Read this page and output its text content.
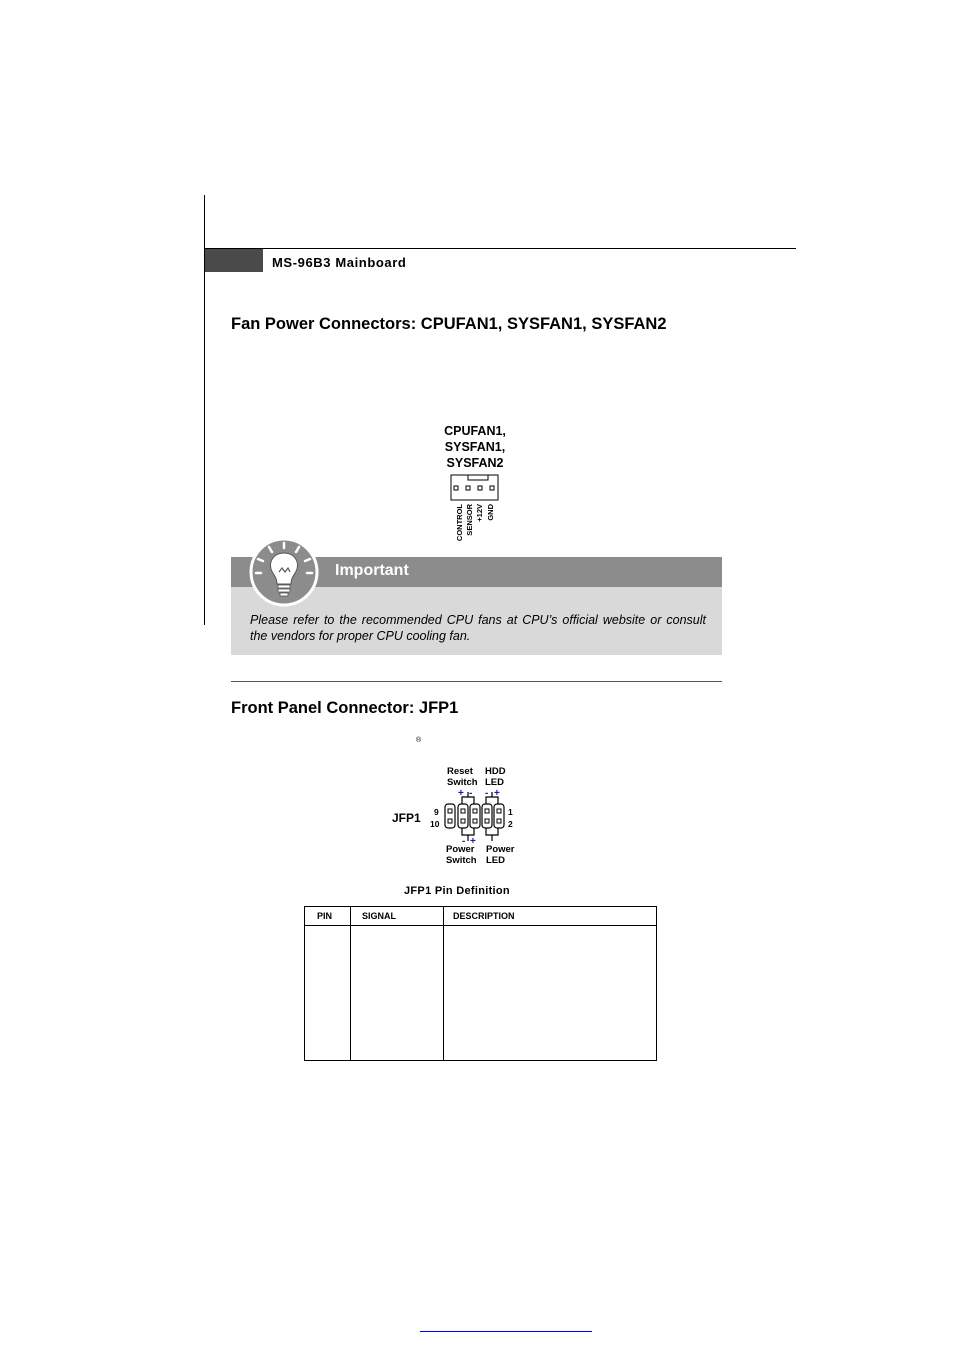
MS-96B3 Mainboard
Fan Power Connectors: CPUFAN1, SYSFAN1, SYSFAN2
CPUFAN1,
SYSFAN1,
SYSFAN2
CONTROL SENSOR +12V GND
Important
Please refer to the recommended CPU fans at CPU’s official website or consult the vendors for proper CPU cooling fan.
Front Panel Connector: JFP1
®
Reset
Switch
HDD
LED
JFP1 9
10
1
2
+ - - +
- +
Power
Switch
Power
LED
JFP1 Pin Definition
PIN	SIGNAL	DESCRIPTION
